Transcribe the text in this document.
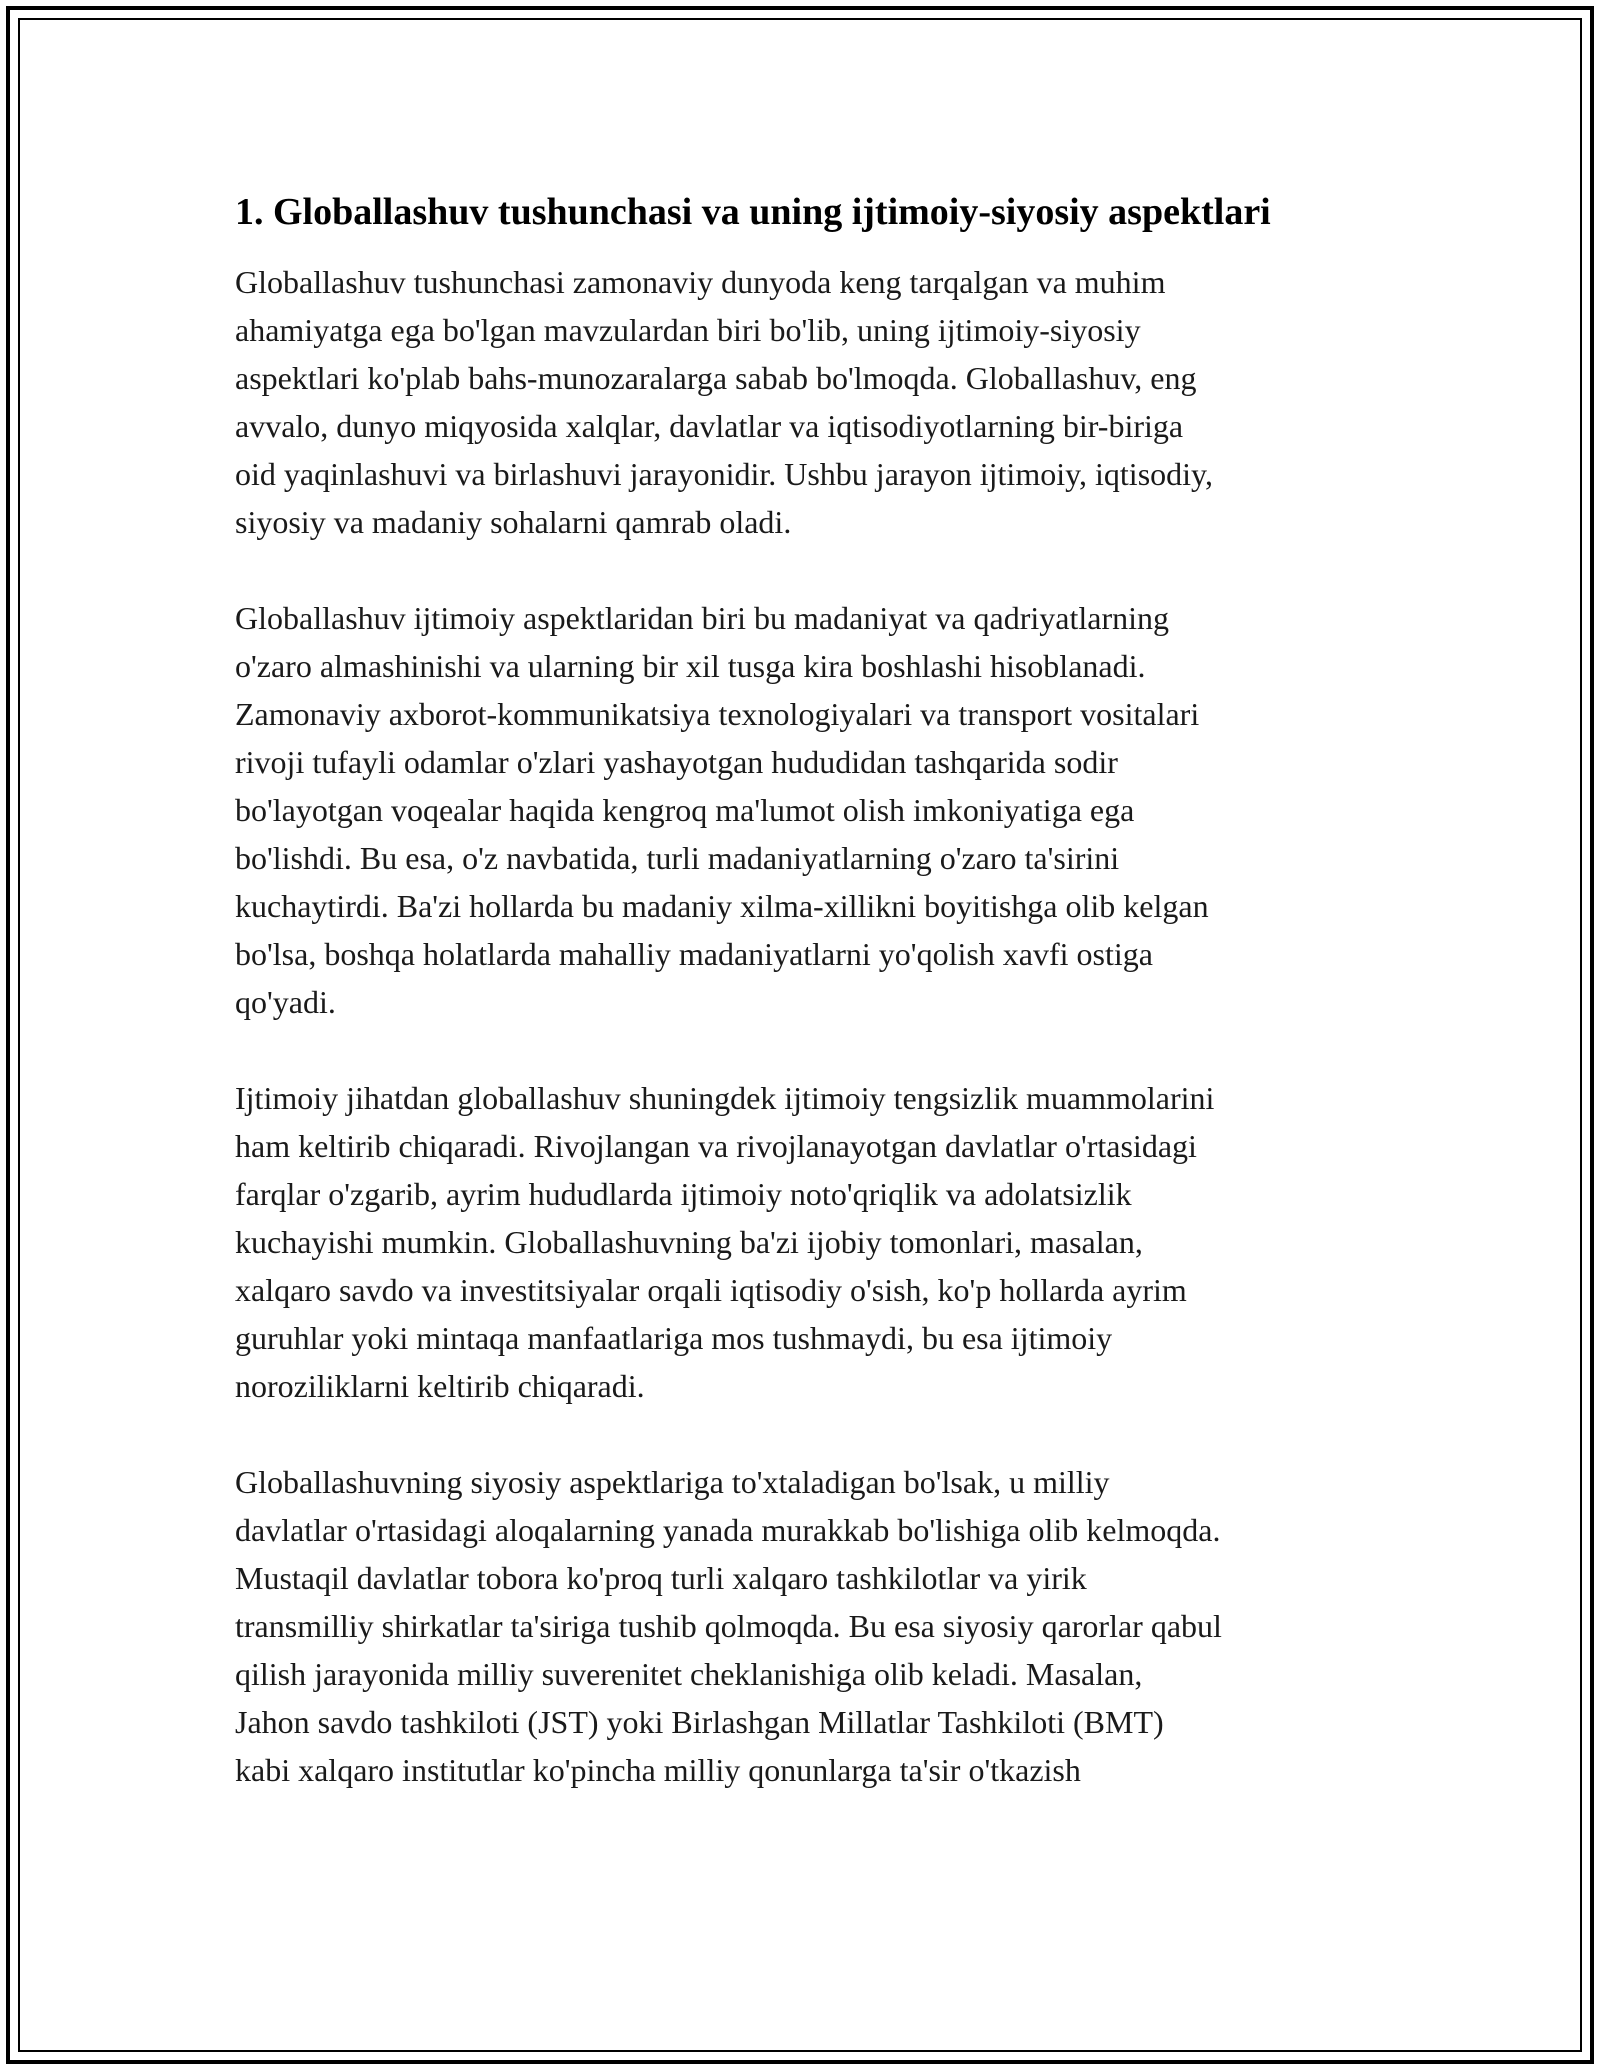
1. Globallashuv tushunchasi va uning ijtimoiy-siyosiy aspektlari

Globallashuv tushunchasi zamonaviy dunyoda keng tarqalgan va muhim
ahamiyatga ega bo'lgan mavzulardan biri bo'lib, uning ijtimoiy-siyosiy
aspektlari ko'plab bahs-munozaralarga sabab bo'lmoqda. Globallashuv, eng
avvalo, dunyo miqyosida xalqlar, davlatlar va iqtisodiyotlarning bir-biriga
oid yaqinlashuvi va birlashuvi jarayonidir. Ushbu jarayon ijtimoiy, iqtisodiy,
siyosiy va madaniy sohalarni qamrab oladi.

Globallashuv ijtimoiy aspektlaridan biri bu madaniyat va qadriyatlarning
o'zaro almashinishi va ularning bir xil tusga kira boshlashi hisoblanadi.
Zamonaviy axborot-kommunikatsiya texnologiyalari va transport vositalari
rivoji tufayli odamlar o'zlari yashayotgan hududidan tashqarida sodir
bo'layotgan voqealar haqida kengroq ma'lumot olish imkoniyatiga ega
bo'lishdi. Bu esa, o'z navbatida, turli madaniyatlarning o'zaro ta'sirini
kuchaytirdi. Ba'zi hollarda bu madaniy xilma-xillikni boyitishga olib kelgan
bo'lsa, boshqa holatlarda mahalliy madaniyatlarni yo'qolish xavfi ostiga
qo'yadi.

Ijtimoiy jihatdan globallashuv shuningdek ijtimoiy tengsizlik muammolarini
ham keltirib chiqaradi. Rivojlangan va rivojlanayotgan davlatlar o'rtasidagi
farqlar o'zgarib, ayrim hududlarda ijtimoiy noto'qriqlik va adolatsizlik
kuchayishi mumkin. Globallashuvning ba'zi ijobiy tomonlari, masalan,
xalqaro savdo va investitsiyalar orqali iqtisodiy o'sish, ko'p hollarda ayrim
guruhlar yoki mintaqa manfaatlariga mos tushmaydi, bu esa ijtimoiy
noroziliklarni keltirib chiqaradi.

Globallashuvning siyosiy aspektlariga to'xtaladigan bo'lsak, u milliy
davlatlar o'rtasidagi aloqalarning yanada murakkab bo'lishiga olib kelmoqda.
Mustaqil davlatlar tobora ko'proq turli xalqaro tashkilotlar va yirik
transmilliy shirkatlar ta'siriga tushib qolmoqda. Bu esa siyosiy qarorlar qabul
qilish jarayonida milliy suverenitet cheklanishiga olib keladi. Masalan,
Jahon savdo tashkiloti (JST) yoki Birlashgan Millatlar Tashkiloti (BMT)
kabi xalqaro institutlar ko'pincha milliy qonunlarga ta'sir o'tkazish
